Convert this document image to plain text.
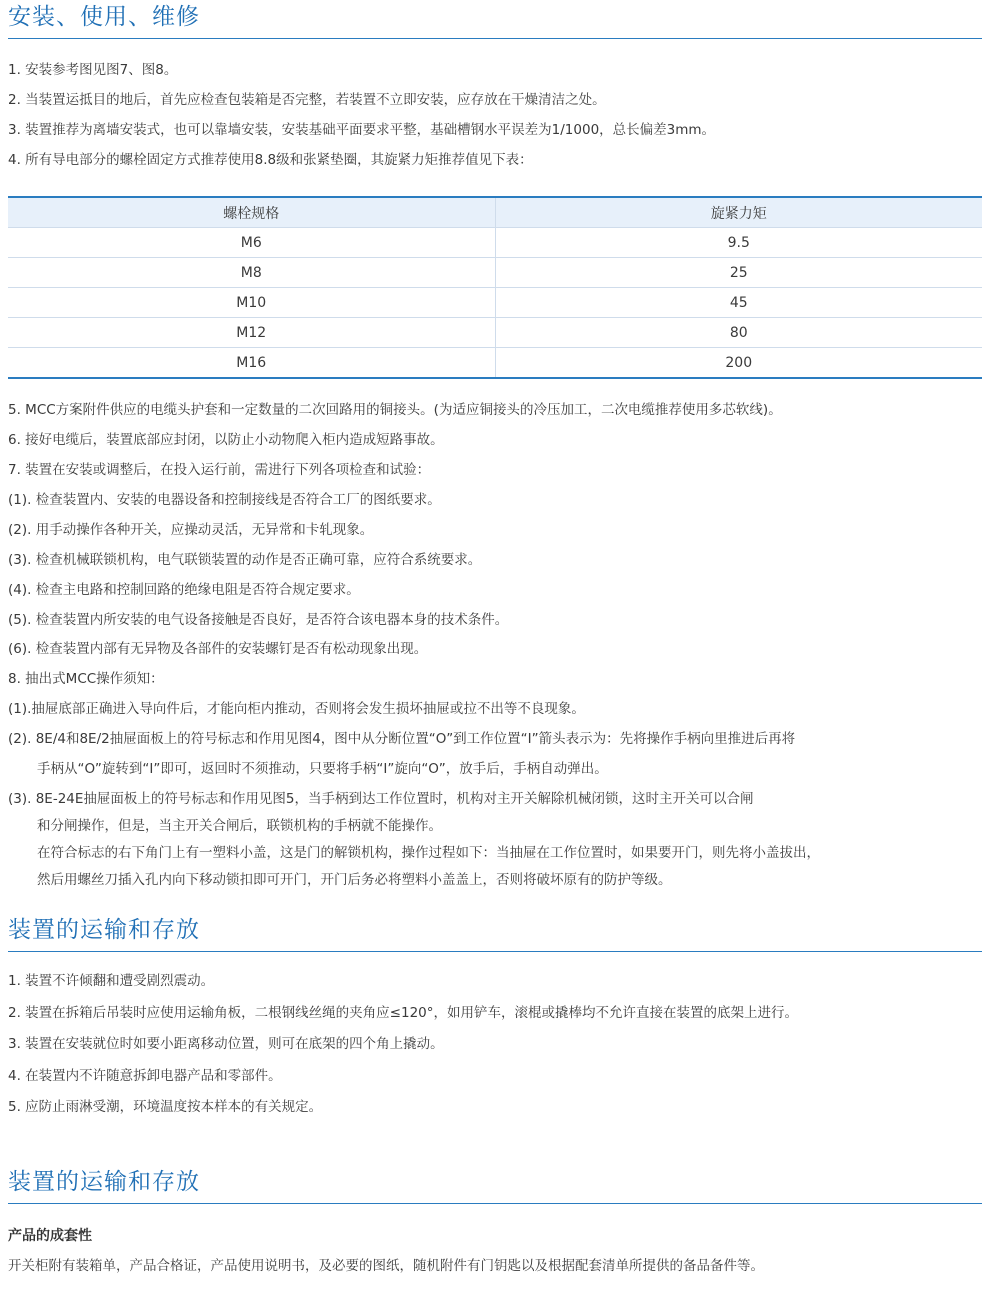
安装、使用、维修
1. 安装参考图见图7、图8。
2. 当装置运抵目的地后，首先应检查包装箱是否完整，若装置不立即安装，应存放在干燥清洁之处。
3. 装置推荐为离墙安装式，也可以靠墙安装，安装基础平面要求平整，基础槽钢水平误差为1/1000，总长偏差3mm。
4. 所有导电部分的螺栓固定方式推荐使用8.8级和张紧垫圈，其旋紧力矩推荐值见下表：
螺栓规格	旋紧力矩
M6	9.5
M8	25
M10	45
M12	80
M16	200
5. MCC方案附件供应的电缆头护套和一定数量的二次回路用的铜接头。(为适应铜接头的冷压加工，二次电缆推荐使用多芯软线)。
6. 接好电缆后，装置底部应封闭，以防止小动物爬入柜内造成短路事故。
7. 装置在安装或调整后，在投入运行前，需进行下列各项检查和试验：
(1). 检查装置内、安装的电器设备和控制接线是否符合工厂的图纸要求。
(2). 用手动操作各种开关，应操动灵活，无异常和卡轧现象。
(3). 检查机械联锁机构，电气联锁装置的动作是否正确可靠，应符合系统要求。
(4). 检查主电路和控制回路的绝缘电阻是否符合规定要求。
(5). 检查装置内所安装的电气设备接触是否良好，是否符合该电器本身的技术条件。
(6). 检查装置内部有无异物及各部件的安装螺钉是否有松动现象出现。
8. 抽出式MCC操作须知：
(1).抽屉底部正确进入导向件后，才能向柜内推动，否则将会发生损坏抽屉或拉不出等不良现象。
(2). 8E/4和8E/2抽屉面板上的符号标志和作用见图4，图中从分断位置“O”到工作位置“I”箭头表示为：先将操作手柄向里推进后再将
手柄从“O”旋转到“I”即可，返回时不须推动，只要将手柄“I”旋向“O”，放手后，手柄自动弹出。
(3). 8E-24E抽屉面板上的符号标志和作用见图5，当手柄到达工作位置时，机构对主开关解除机械闭锁，这时主开关可以合闸
和分闸操作，但是，当主开关合闸后，联锁机构的手柄就不能操作。
在符合标志的右下角门上有一塑料小盖，这是门的解锁机构，操作过程如下：当抽屉在工作位置时，如果要开门，则先将小盖拔出，
然后用螺丝刀插入孔内向下移动锁扣即可开门，开门后务必将塑料小盖盖上，否则将破坏原有的防护等级。
装置的运输和存放
1. 装置不许倾翻和遭受剧烈震动。
2. 装置在拆箱后吊装时应使用运输角板，二根钢线丝绳的夹角应≤120°，如用铲车，滚棍或撬棒均不允许直接在装置的底架上进行。
3. 装置在安装就位时如要小距离移动位置，则可在底架的四个角上撬动。
4. 在装置内不许随意拆卸电器产品和零部件。
5. 应防止雨淋受潮，环境温度按本样本的有关规定。
装置的运输和存放
产品的成套性
开关柜附有装箱单，产品合格证，产品使用说明书，及必要的图纸，随机附件有门钥匙以及根据配套清单所提供的备品备件等。
